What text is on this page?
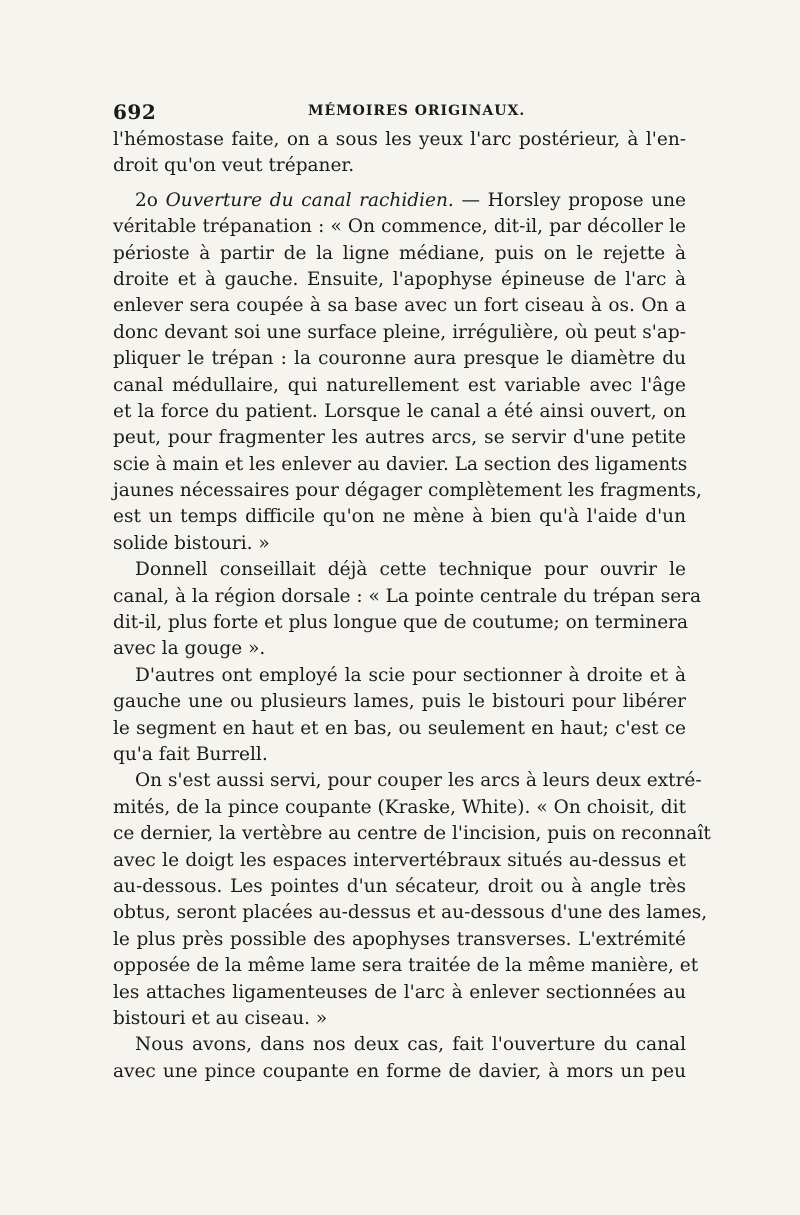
692	MÉMOIRES ORIGINAUX.
l'hémostase faite, on a sous les yeux l'arc postérieur, à l'en-
droit qu'on veut trépaner.
2o Ouverture du canal rachidien. — Horsley propose une
véritable trépanation : « On commence, dit-il, par décoller le
périoste à partir de la ligne médiane, puis on le rejette à
droite et à gauche. Ensuite, l'apophyse épineuse de l'arc à
enlever sera coupée à sa base avec un fort ciseau à os. On a
donc devant soi une surface pleine, irrégulière, où peut s'ap-
pliquer le trépan : la couronne aura presque le diamètre du
canal médullaire, qui naturellement est variable avec l'âge
et la force du patient. Lorsque le canal a été ainsi ouvert, on
peut, pour fragmenter les autres arcs, se servir d'une petite
scie à main et les enlever au davier. La section des ligaments
jaunes nécessaires pour dégager complètement les fragments,
est un temps difficile qu'on ne mène à bien qu'à l'aide d'un
solide bistouri. »
Donnell conseillait déjà cette technique pour ouvrir le
canal, à la région dorsale : « La pointe centrale du trépan sera
dit-il, plus forte et plus longue que de coutume; on terminera
avec la gouge ».
D'autres ont employé la scie pour sectionner à droite et à
gauche une ou plusieurs lames, puis le bistouri pour libérer
le segment en haut et en bas, ou seulement en haut; c'est ce
qu'a fait Burrell.
On s'est aussi servi, pour couper les arcs à leurs deux extré-
mités, de la pince coupante (Kraske, White). « On choisit, dit
ce dernier, la vertèbre au centre de l'incision, puis on reconnaît
avec le doigt les espaces intervertébraux situés au-dessus et
au-dessous. Les pointes d'un sécateur, droit ou à angle très
obtus, seront placées au-dessus et au-dessous d'une des lames,
le plus près possible des apophyses transverses. L'extrémité
opposée de la même lame sera traitée de la même manière, et
les attaches ligamenteuses de l'arc à enlever sectionnées au
bistouri et au ciseau. »
Nous avons, dans nos deux cas, fait l'ouverture du canal
avec une pince coupante en forme de davier, à mors un peu
